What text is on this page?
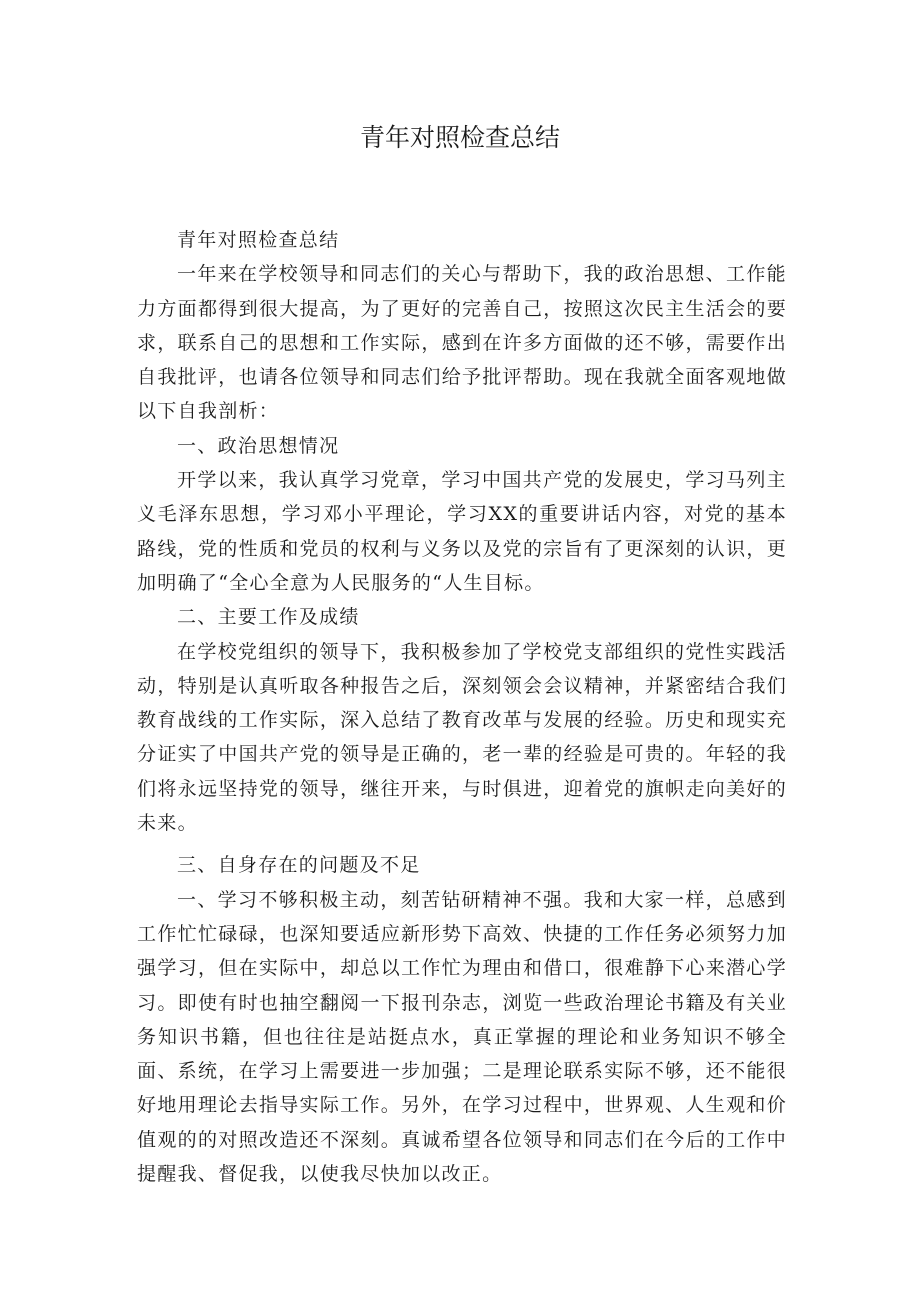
青年对照检查总结

青年对照检查总结

一年来在学校领导和同志们的关心与帮助下，我的政治思想、工作能力方面都得到很大提高，为了更好的完善自己，按照这次民主生活会的要求，联系自己的思想和工作实际，感到在许多方面做的还不够，需要作出自我批评，也请各位领导和同志们给予批评帮助。现在我就全面客观地做以下自我剖析：

一、政治思想情况

开学以来，我认真学习党章，学习中国共产党的发展史，学习马列主义毛泽东思想，学习邓小平理论，学习XX的重要讲话内容，对党的基本路线，党的性质和党员的权利与义务以及党的宗旨有了更深刻的认识，更加明确了“全心全意为人民服务的“人生目标。

二、主要工作及成绩

在学校党组织的领导下，我积极参加了学校党支部组织的党性实践活动，特别是认真听取各种报告之后，深刻领会会议精神，并紧密结合我们教育战线的工作实际，深入总结了教育改革与发展的经验。历史和现实充分证实了中国共产党的领导是正确的，老一辈的经验是可贵的。年轻的我们将永远坚持党的领导，继往开来，与时俱进，迎着党的旗帜走向美好的未来。

三、自身存在的问题及不足

一、学习不够积极主动，刻苦钻研精神不强。我和大家一样，总感到工作忙忙碌碌，也深知要适应新形势下高效、快捷的工作任务必须努力加强学习，但在实际中，却总以工作忙为理由和借口，很难静下心来潜心学习。即使有时也抽空翻阅一下报刊杂志，浏览一些政治理论书籍及有关业务知识书籍，但也往往是站挺点水，真正掌握的理论和业务知识不够全面、系统，在学习上需要进一步加强；二是理论联系实际不够，还不能很好地用理论去指导实际工作。另外，在学习过程中，世界观、人生观和价值观的的对照改造还不深刻。真诚希望各位领导和同志们在今后的工作中提醒我、督促我，以使我尽快加以改正。
